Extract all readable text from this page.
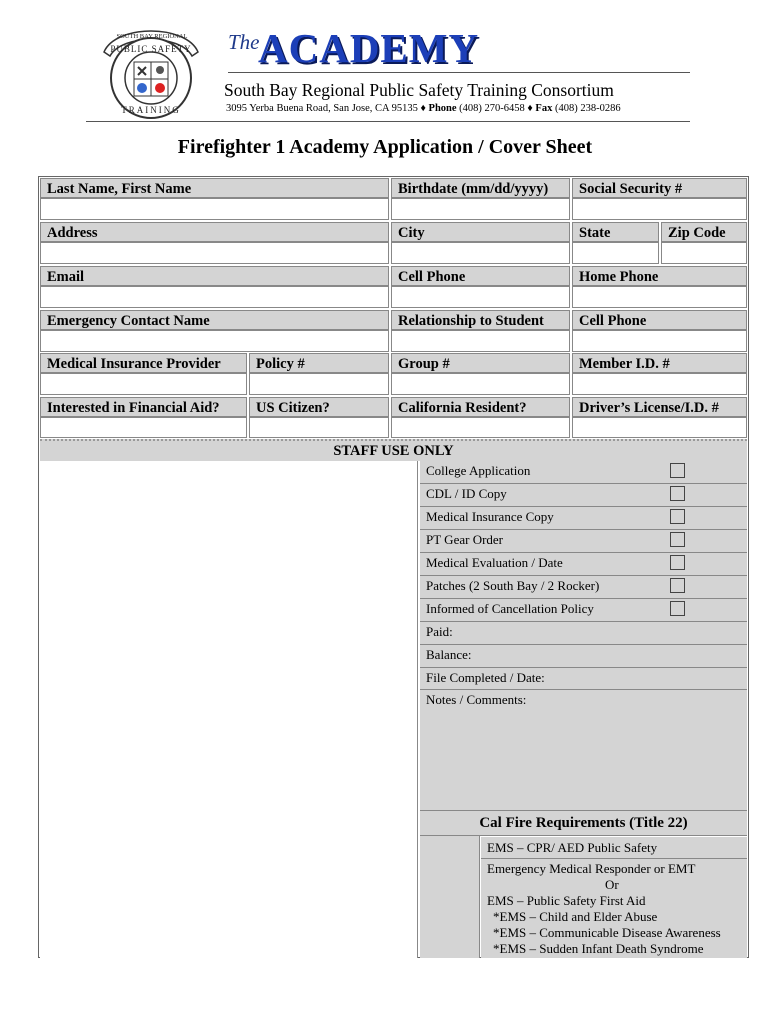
SOUTH BAY REGIONAL
PUBLIC SAFETY
TRAINING
The
ACADEMY
South Bay Regional Public Safety Training Consortium
3095 Yerba Buena Road, San Jose, CA 95135 ♦ Phone (408) 270-6458 ♦ Fax (408) 238-0286
Firefighter 1 Academy Application / Cover Sheet
Last Name, First Name	Birthdate (mm/dd/yyyy)	Social Security #
Address	City	State	Zip Code
Email	Cell Phone	Home Phone
Emergency Contact Name	Relationship to Student	Cell Phone
Medical Insurance Provider	Policy #	Group #	Member I.D. #
Interested in Financial Aid?	US Citizen?	California Resident?	Driver’s License/I.D. #
STAFF USE ONLY
College Application
CDL / ID Copy
Medical Insurance Copy
PT Gear Order
Medical Evaluation / Date
Patches (2 South Bay / 2 Rocker)
Informed of Cancellation Policy
Paid:
Balance:
File Completed / Date:
Notes / Comments:
Cal Fire Requirements (Title 22)
EMS – CPR/ AED Public Safety
Emergency Medical Responder or EMT
Or
EMS – Public Safety First Aid
*EMS – Child and Elder Abuse
*EMS – Communicable Disease Awareness
*EMS – Sudden Infant Death Syndrome
